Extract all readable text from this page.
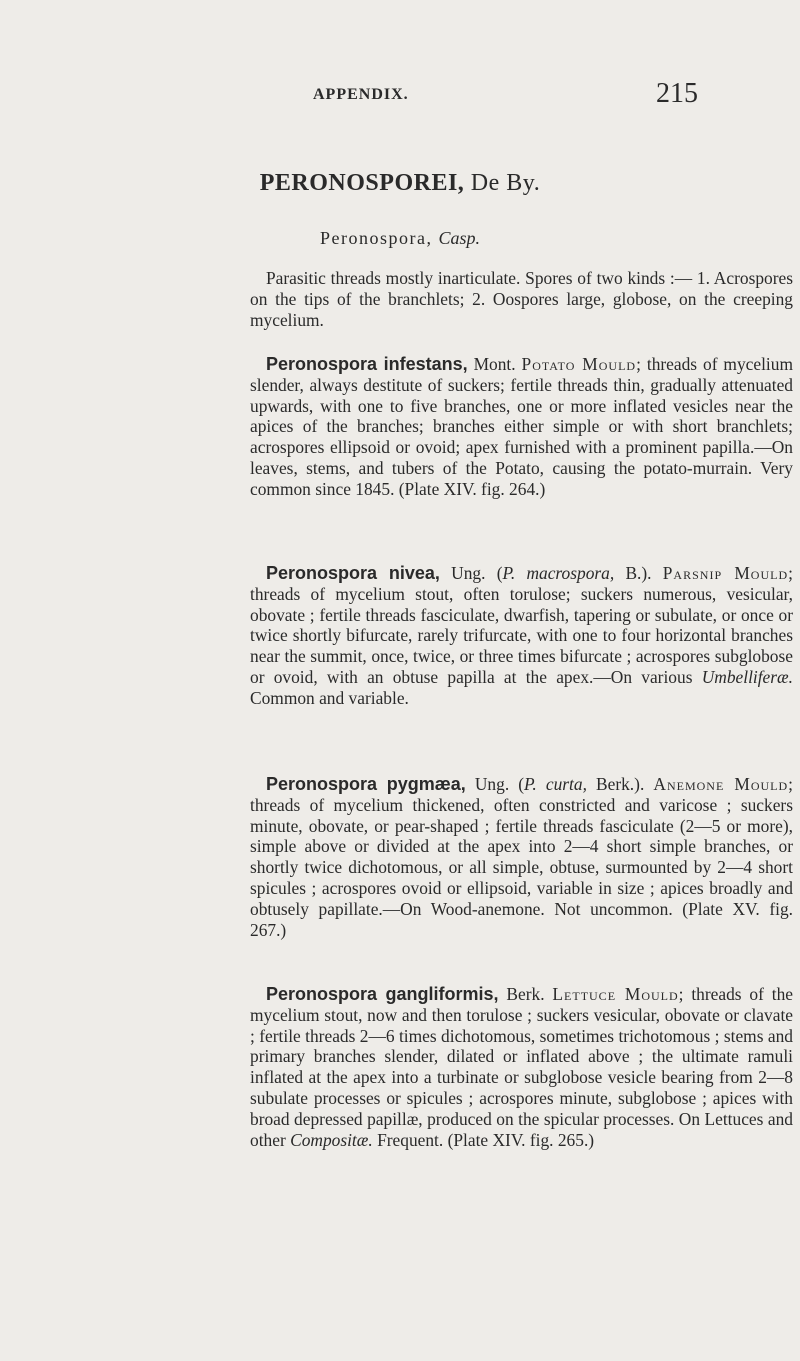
APPENDIX.	215
PERONOSPOREI, De By.
Peronospora, Casp.

Parasitic threads mostly inarticulate. Spores of two kinds :— 1. Acrospores on the tips of the branchlets; 2. Oospores large, globose, on the creeping mycelium.

Peronospora infestans, Mont. Potato Mould; threads of mycelium slender, always destitute of suckers; fertile threads thin, gradually attenuated upwards, with one to five branches, one or more inflated vesicles near the apices of the branches; branches either simple or with short branchlets; acrospores ellipsoid or ovoid; apex furnished with a prominent papilla.—On leaves, stems, and tubers of the Potato, causing the potato-murrain. Very common since 1845. (Plate XIV. fig. 264.)

Peronospora nivea, Ung. (P. macrospora, B.). Parsnip Mould; threads of mycelium stout, often torulose; suckers numerous, vesicular, obovate ; fertile threads fasciculate, dwarfish, tapering or subulate, or once or twice shortly bifurcate, rarely trifurcate, with one to four horizontal branches near the summit, once, twice, or three times bifurcate ; acrospores subglobose or ovoid, with an obtuse papilla at the apex.—On various Umbelliferæ. Common and variable.

Peronospora pygmæa, Ung. (P. curta, Berk.). Anemone Mould; threads of mycelium thickened, often constricted and varicose ; suckers minute, obovate, or pear-shaped ; fertile threads fasciculate (2—5 or more), simple above or divided at the apex into 2—4 short simple branches, or shortly twice dichotomous, or all simple, obtuse, surmounted by 2—4 short spicules ; acrospores ovoid or ellipsoid, variable in size ; apices broadly and obtusely papillate.—On Wood-anemone. Not uncommon. (Plate XV. fig. 267.)

Peronospora gangliformis, Berk. Lettuce Mould; threads of the mycelium stout, now and then torulose ; suckers vesicular, obovate or clavate ; fertile threads 2—6 times dichotomous, sometimes trichotomous ; stems and primary branches slender, dilated or inflated above ; the ultimate ramuli inflated at the apex into a turbinate or subglobose vesicle bearing from 2—8 subulate processes or spicules ; acrospores minute, subglobose ; apices with broad depressed papillæ, produced on the spicular processes. On Lettuces and other Compositæ. Frequent. (Plate XIV. fig. 265.)
